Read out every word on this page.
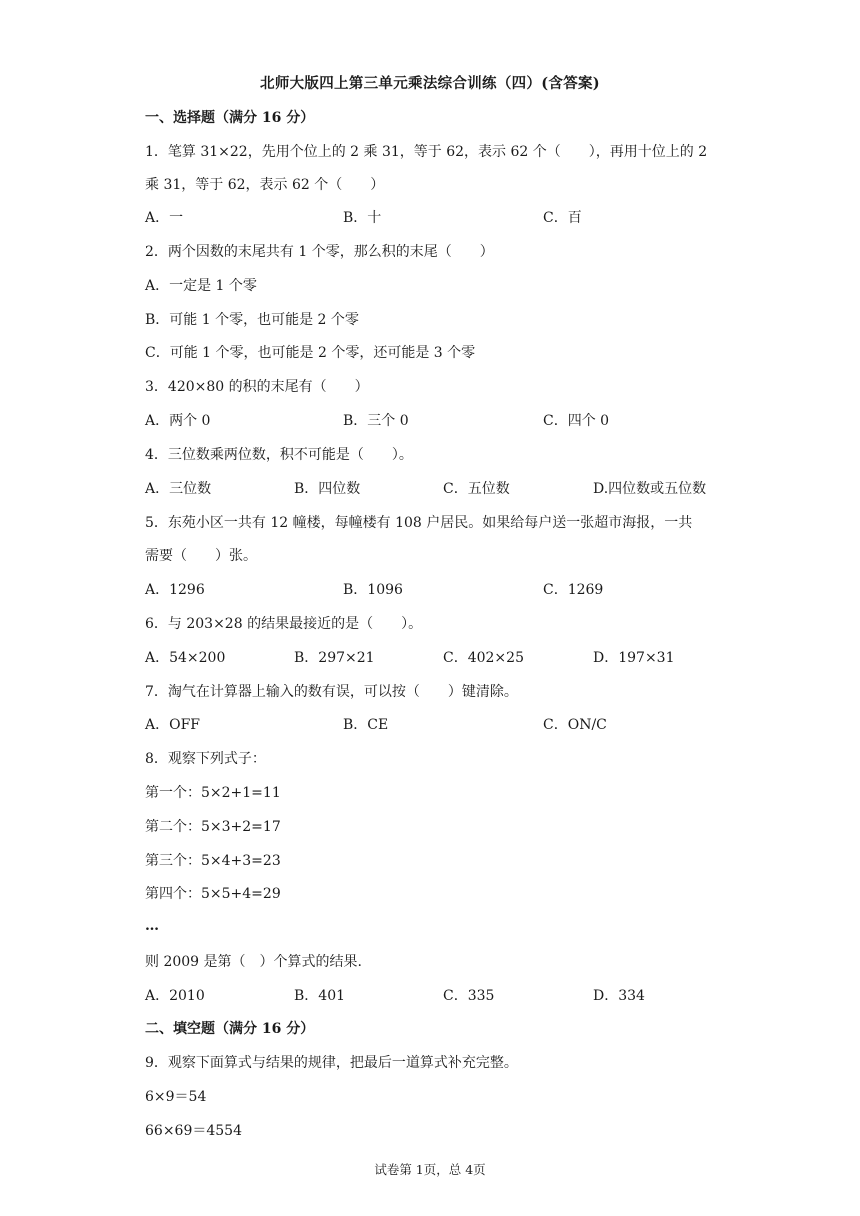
北师大版四上第三单元乘法综合训练（四）(含答案)
一、选择题（满分 16 分）
1．笔算 31×22，先用个位上的 2 乘 31，等于 62，表示 62 个（　　），再用十位上的 2
乘 31，等于 62，表示 62 个（　　）
A．一	B．十	C．百
2．两个因数的末尾共有 1 个零，那么积的末尾（　　）
A．一定是 1 个零
B．可能 1 个零，也可能是 2 个零
C．可能 1 个零，也可能是 2 个零，还可能是 3 个零
3．420×80 的积的末尾有（　　）
A．两个 0	B．三个 0	C．四个 0
4．三位数乘两位数，积不可能是（　　）。
A．三位数	B．四位数	C．五位数	D.四位数或五位数
5．东苑小区一共有 12 幢楼，每幢楼有 108 户居民。如果给每户送一张超市海报，一共
需要（　　）张。
A．1296	B．1096	C．1269
6．与 203×28 的结果最接近的是（　　）。
A．54×200	B．297×21	C．402×25	D．197×31
7．淘气在计算器上输入的数有误，可以按（　　）键清除。
A．OFF	B．CE	C．ON/C
8．观察下列式子：
第一个：5×2+1=11
第二个：5×3+2=17
第三个：5×4+3=23
第四个：5×5+4=29
…
则 2009 是第（　）个算式的结果.
A．2010	B．401	C．335	D．334
二、填空题（满分 16 分）
9．观察下面算式与结果的规律，把最后一道算式补充完整。
6×9＝54
66×69＝4554
试卷第 1页，总 4页
